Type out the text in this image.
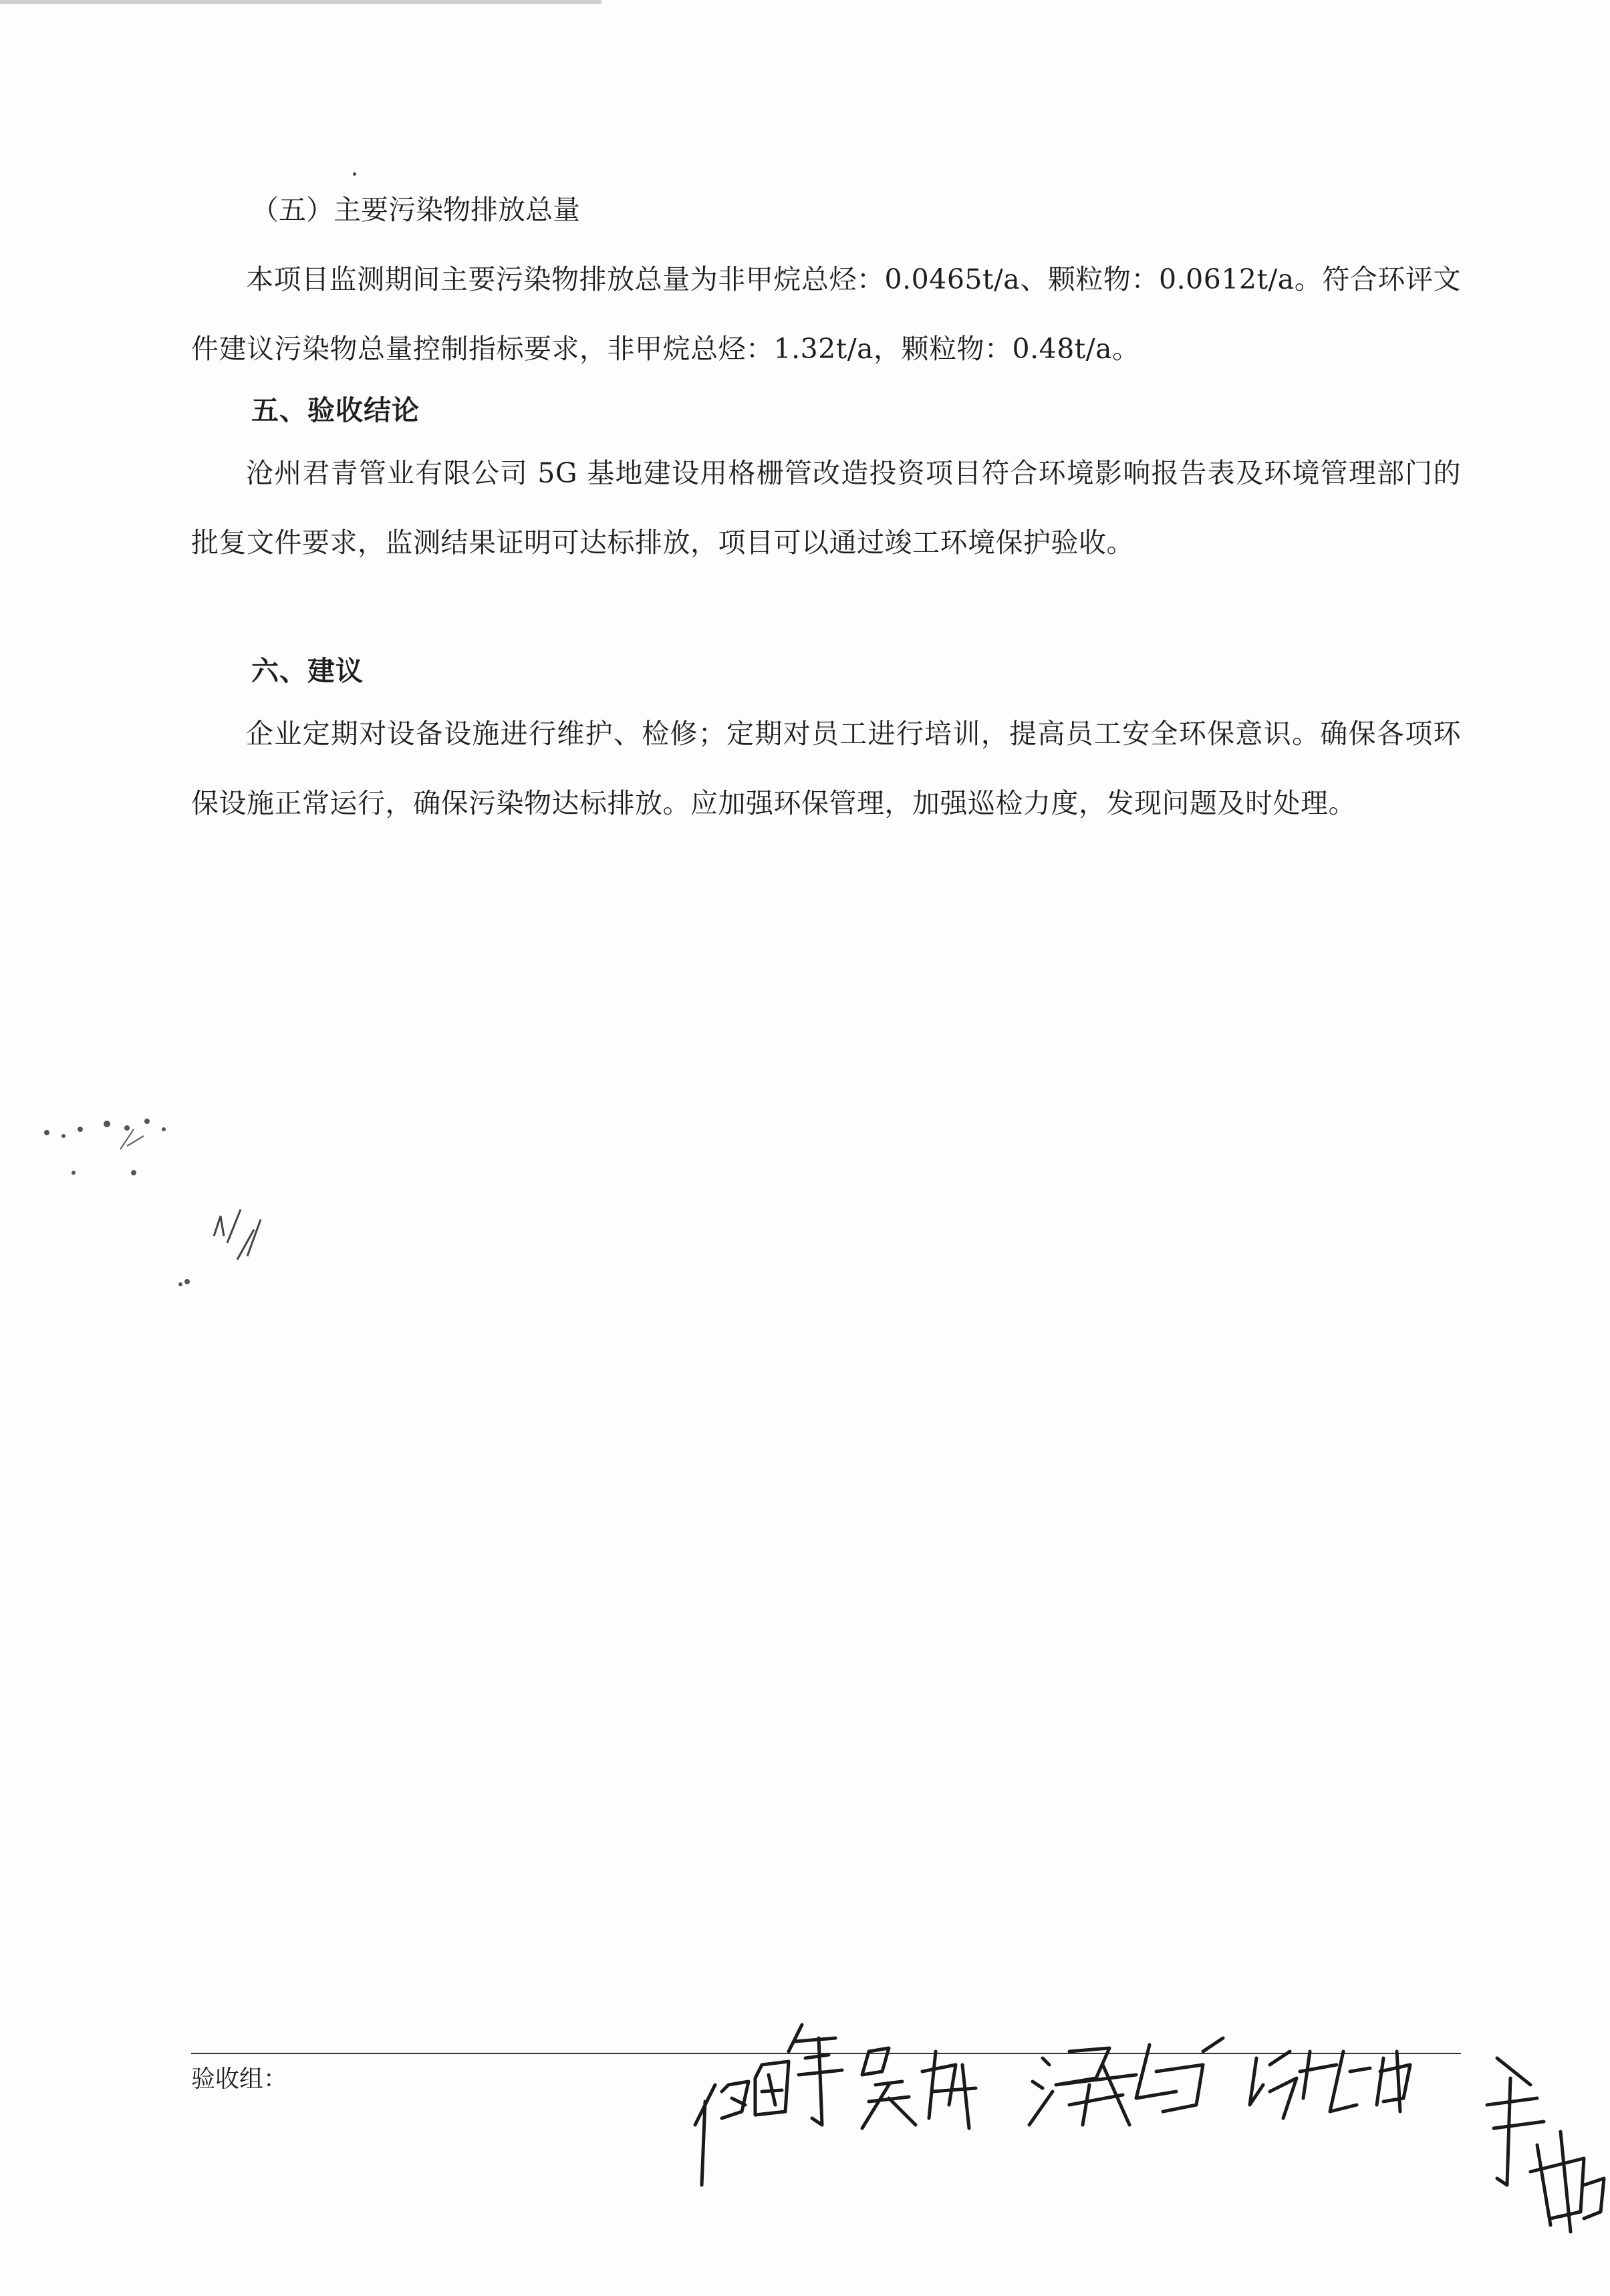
（五）主要污染物排放总量

本项目监测期间主要污染物排放总量为非甲烷总烃：0.0465t/a、颗粒物：0.0612t/a。符合环评文件建议污染物总量控制指标要求，非甲烷总烃：1.32t/a，颗粒物：0.48t/a。

五、验收结论

沧州君青管业有限公司 5G 基地建设用格栅管改造投资项目符合环境影响报告表及环境管理部门的批复文件要求，监测结果证明可达标排放，项目可以通过竣工环境保护验收。

六、建议

企业定期对设备设施进行维护、检修；定期对员工进行培训，提高员工安全环保意识。确保各项环保设施正常运行，确保污染物达标排放。应加强环保管理，加强巡检力度，发现问题及时处理。

验收组：
